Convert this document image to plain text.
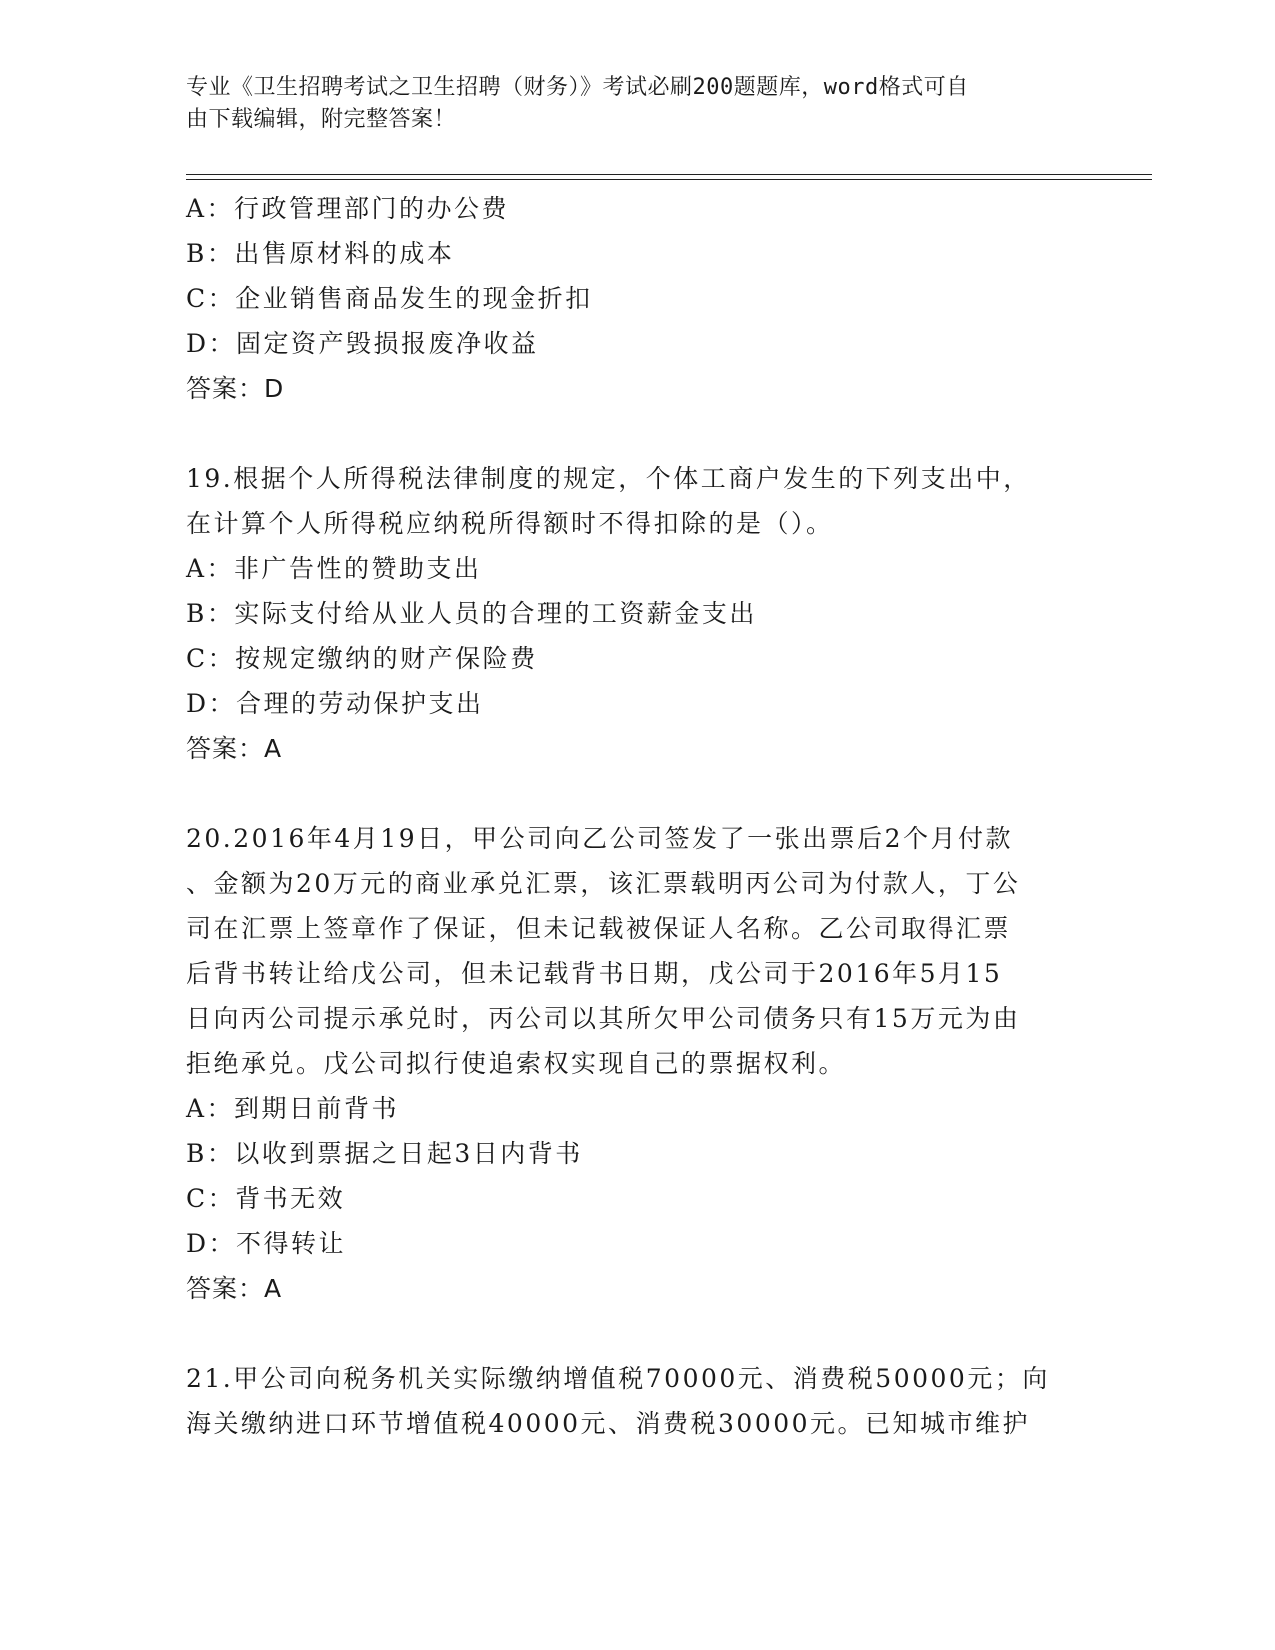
专业《卫生招聘考试之卫生招聘（财务）》考试必刷200题题库，word格式可自
由下载编辑，附完整答案！
A：行政管理部门的办公费
B：出售原材料的成本
C：企业销售商品发生的现金折扣
D：固定资产毁损报废净收益
答案：D
19.根据个人所得税法律制度的规定，个体工商户发生的下列支出中，
在计算个人所得税应纳税所得额时不得扣除的是（）。
A：非广告性的赞助支出
B：实际支付给从业人员的合理的工资薪金支出
C：按规定缴纳的财产保险费
D：合理的劳动保护支出
答案：A
20.2016年4月19日，甲公司向乙公司签发了一张出票后2个月付款
、金额为20万元的商业承兑汇票，该汇票载明丙公司为付款人，丁公
司在汇票上签章作了保证，但未记载被保证人名称。乙公司取得汇票
后背书转让给戊公司，但未记载背书日期，戊公司于2016年5月15
日向丙公司提示承兑时，丙公司以其所欠甲公司债务只有15万元为由
拒绝承兑。戊公司拟行使追索权实现自己的票据权利。
A：到期日前背书
B：以收到票据之日起3日内背书
C：背书无效
D：不得转让
答案：A
21.甲公司向税务机关实际缴纳增值税70000元、消费税50000元；向
海关缴纳进口环节增值税40000元、消费税30000元。已知城市维护
